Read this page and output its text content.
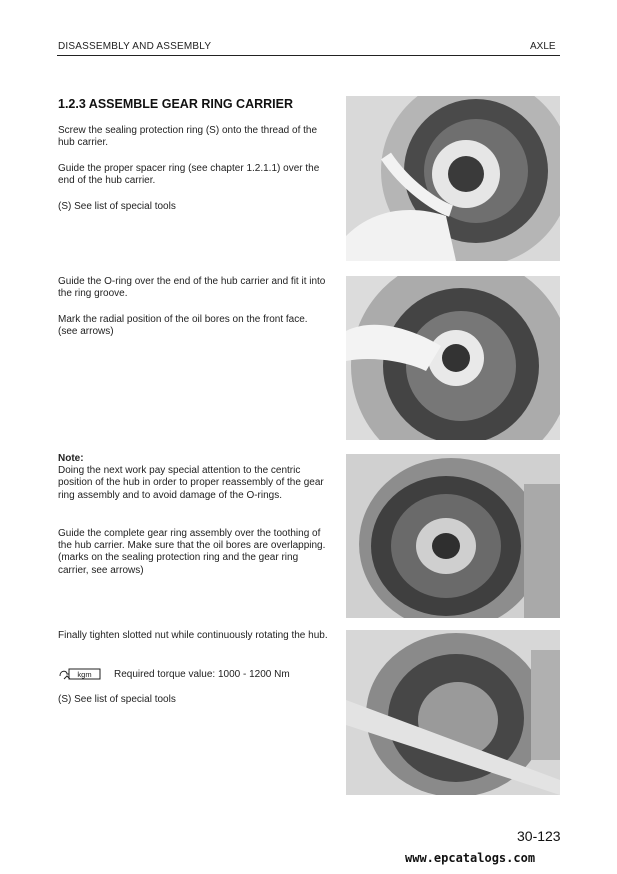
DISASSEMBLY AND ASSEMBLY	AXLE
1.2.3 ASSEMBLE GEAR RING CARRIER

Screw the sealing protection ring (S) onto the thread of the hub carrier.

Guide the proper spacer ring (see chapter 1.2.1.1) over the end of the hub carrier.

(S) See list of special tools

Guide the O-ring over the end of the hub carrier and fit it into the ring groove.

Mark the radial position of the oil bores on the front face. (see arrows)

Note:
Doing the next work pay special attention to the centric position of the hub in order to proper reassembly of the gear ring assembly and to avoid damage of the O-rings.

Guide the complete gear ring assembly over the toothing of the hub carrier. Make sure that the oil bores are overlapping. (marks on the sealing protection ring and the gear ring carrier, see arrows)

Finally tighten slotted nut while continuously rotating the hub.

kgm Required torque value: 1000 - 1200 Nm

(S) See list of special tools

30-123
www.epcatalogs.com
